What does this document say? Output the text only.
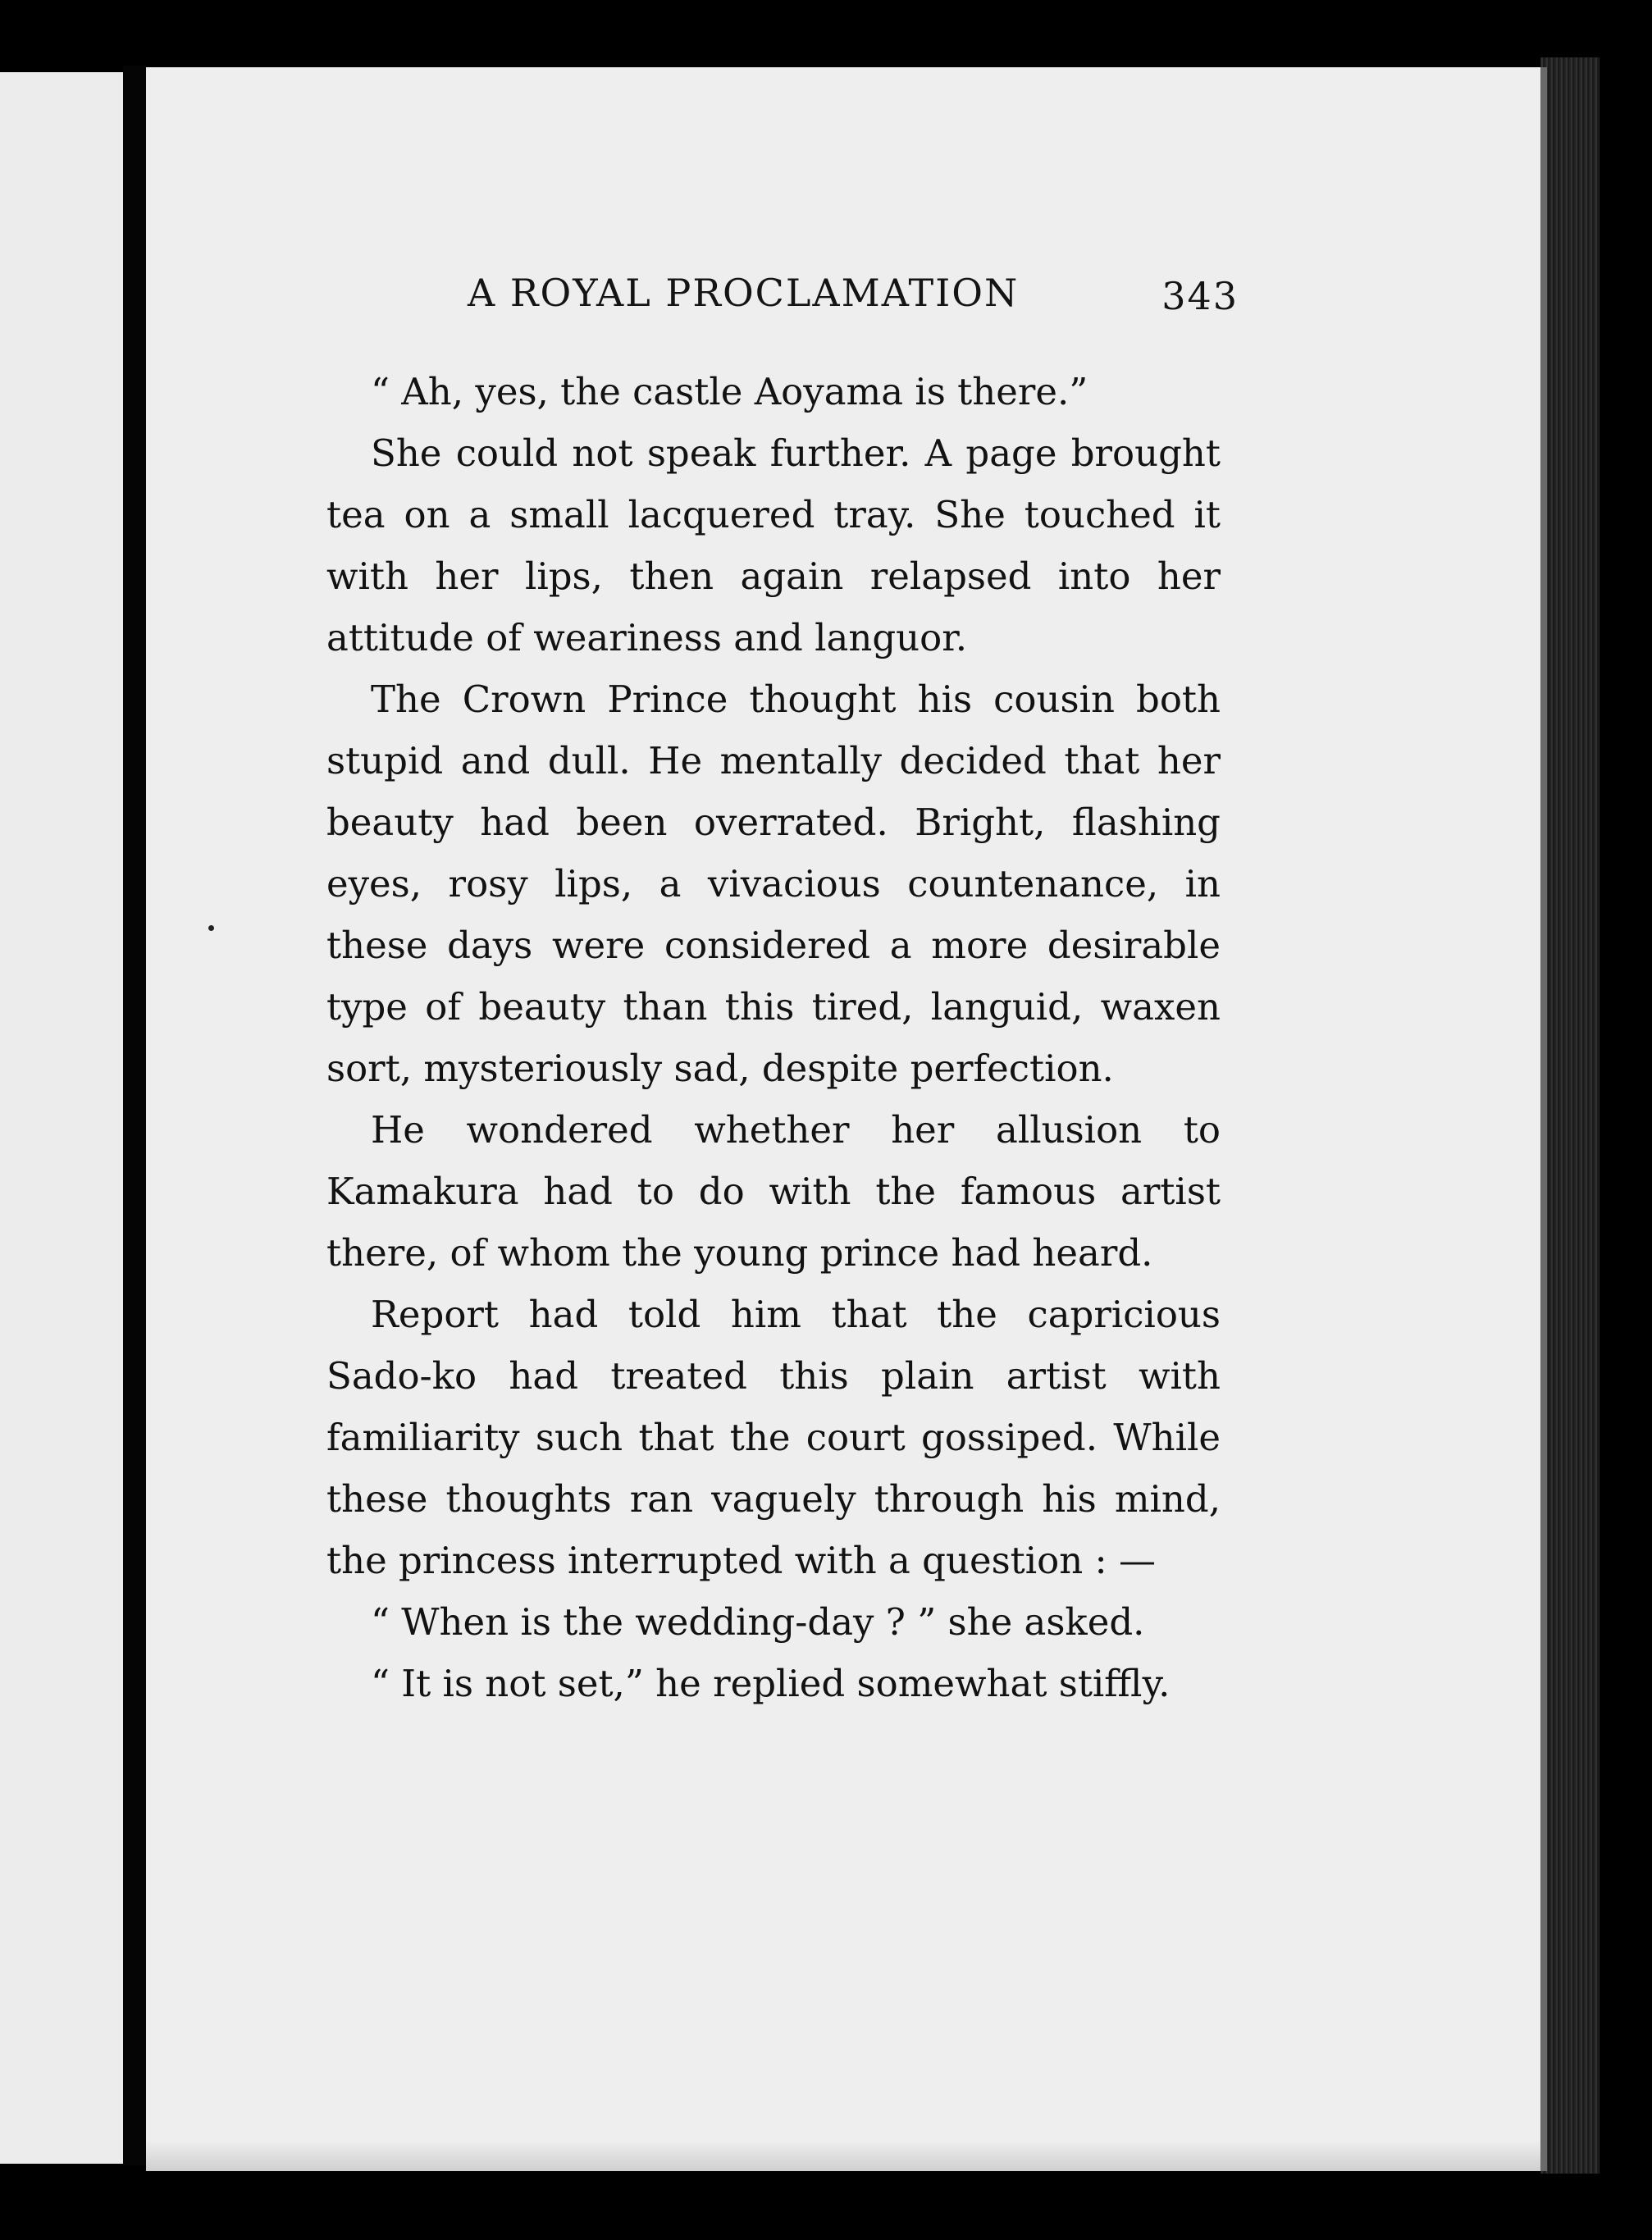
A ROYAL PROCLAMATION	343

“ Ah, yes, the castle Aoyama is there.”

She could not speak further. A page brought tea on a small lacquered tray. She touched it with her lips, then again relapsed into her attitude of weariness and languor.

The Crown Prince thought his cousin both stupid and dull. He mentally decided that her beauty had been overrated. Bright, flashing eyes, rosy lips, a vivacious countenance, in these days were considered a more desirable type of beauty than this tired, languid, waxen sort, mysteriously sad, despite perfection.

He wondered whether her allusion to Kamakura had to do with the famous artist there, of whom the young prince had heard.

Report had told him that the capricious Sado-ko had treated this plain artist with familiarity such that the court gossiped. While these thoughts ran vaguely through his mind, the princess interrupted with a question : —

“ When is the wedding-day ? ” she asked.

“ It is not set,” he replied somewhat stiffly.
